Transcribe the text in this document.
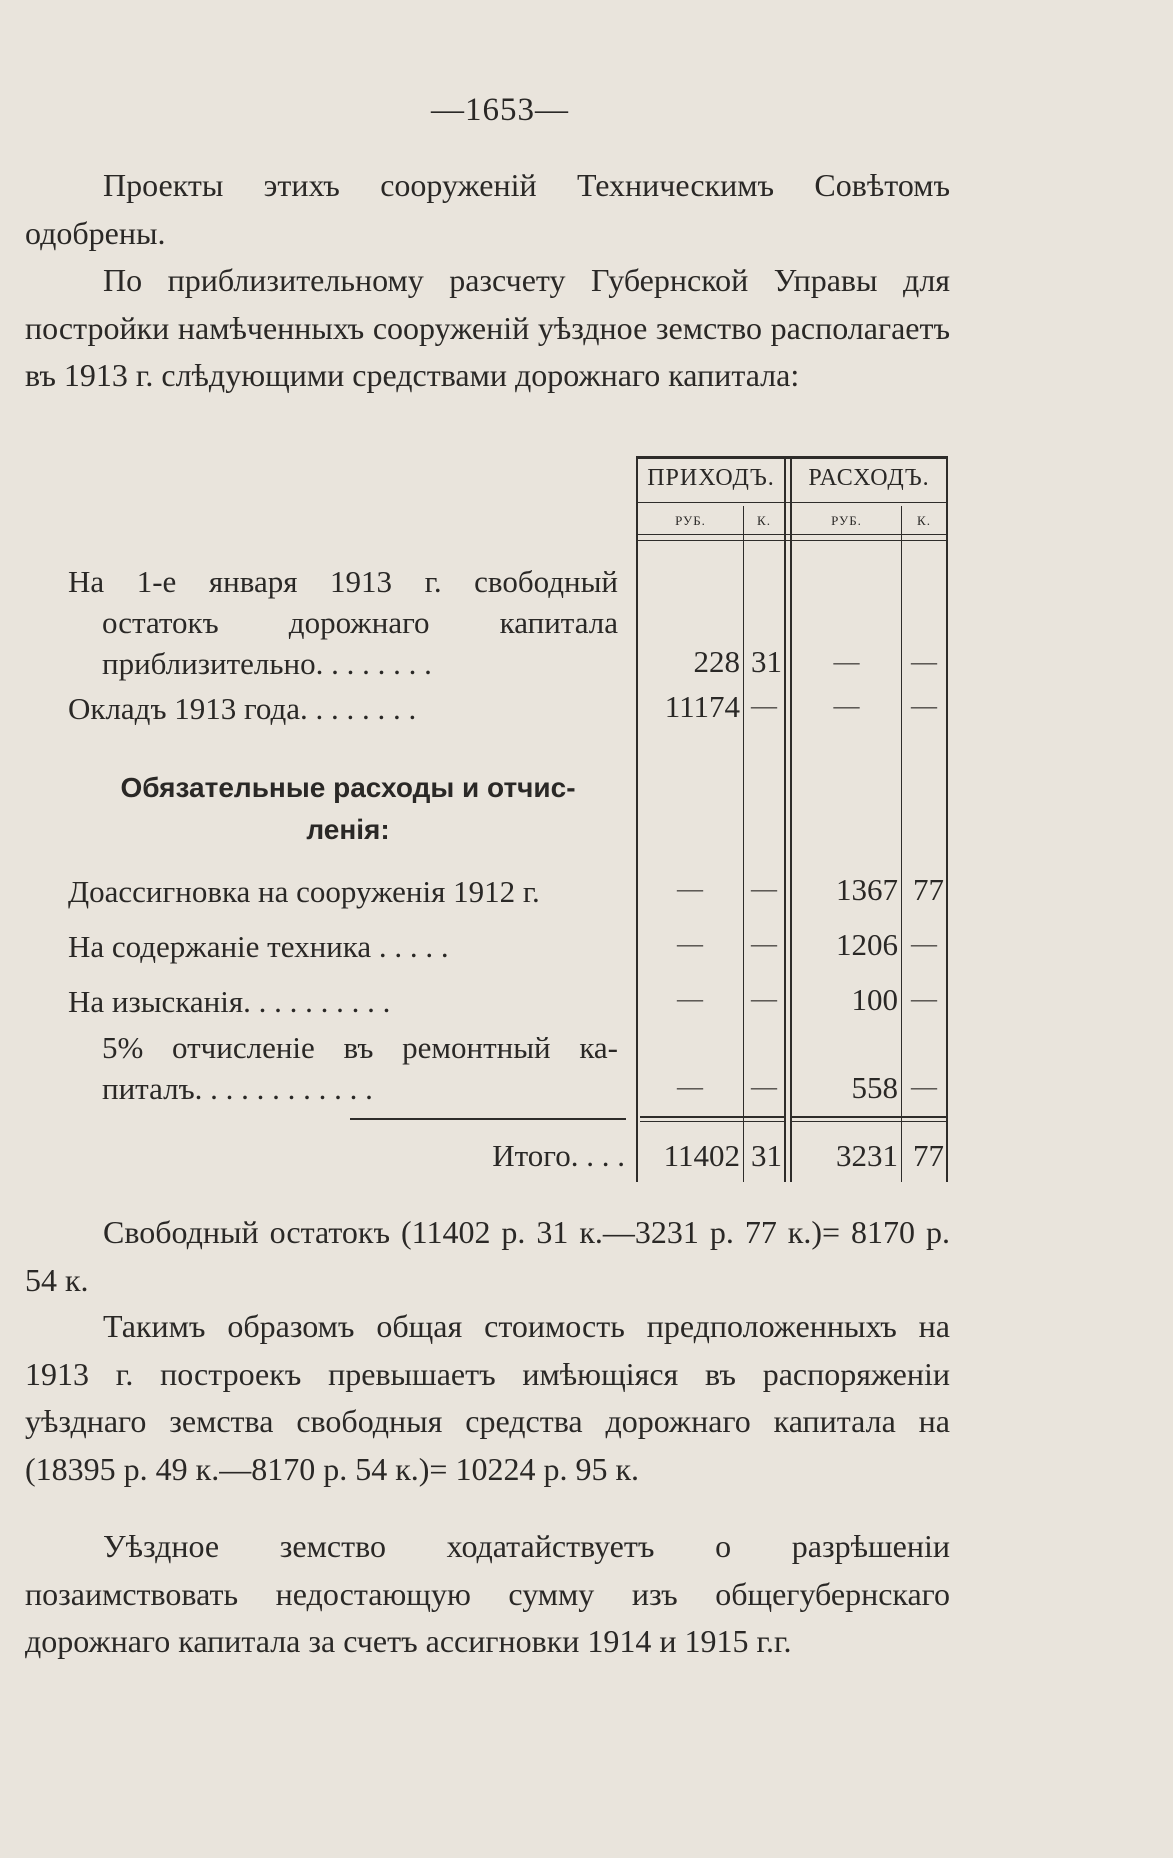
—1653—

Проекты этихъ сооруженій Техническимъ Совѣтомъ одобрены.

По приблизительному разсчету Губернской Управы для постройки намѣченныхъ сооруженій уѣздное земство располагаетъ въ 1913 г. слѣдующими средствами дорожнаго капитала:

ПРИХОДЪ.	РАСХОДЪ.
РУБ.	К.	РУБ.	К.
На 1-е января 1913 г. свободный
остатокъ дорожнаго капитала
приблизительно. . . . . . . .	228 31	—	—
Окладъ 1913 года. . . . . . . .	11174 —	—	—
Обязательные расходы и отчис-
ленія:
Доассигновка на сооруженія 1912 г.	—	—	1367 77
На содержаніе техника . . . . .	—	—	1206 —
На изысканія. . . . . . . . . .	—	—	100 —
5% отчисленіе въ ремонтный ка-
питалъ. . . . . . . . . . . .	—	—	558 —
Итого. . . .	11402 31	3231 77

Свободный остатокъ (11402 р. 31 к.—3231 р. 77 к.)= 8170 р. 54 к.

Такимъ образомъ общая стоимость предположенныхъ на 1913 г. построекъ превышаетъ имѣющіяся въ распоряженіи уѣзднаго земства свободныя средства дорожнаго капитала на (18395 р. 49 к.—8170 р. 54 к.)= 10224 р. 95 к.

Уѣздное земство ходатайствуетъ о разрѣшеніи позаимствовать недостающую сумму изъ общегубернскаго дорожнаго капитала за счетъ ассигновки 1914 и 1915 г.г.
